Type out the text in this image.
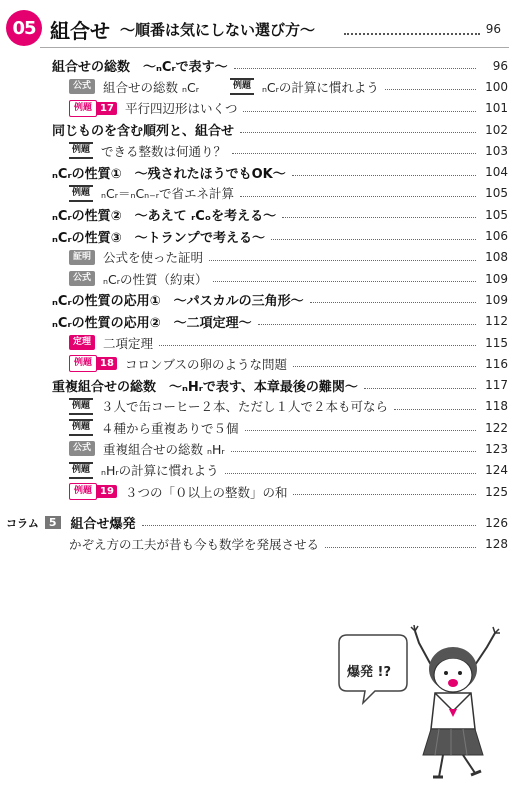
05 組合せ 〜順番は気にしない選び方〜	96
組合せの総数　〜ₙCᵣで表す〜	96
公式 組合せの総数 ₙCᵣ　　	例題 ₙCᵣの計算に慣れよう	100
例題 17 平行四辺形はいくつ	101
同じものを含む順列と、組合せ	102
例題 できる整数は何通り？	103
ₙCᵣの性質①　〜残されたほうでもOK〜	104
例題 ₙCᵣ＝ₙCₙ₋ᵣで省エネ計算	105
ₙCᵣの性質②　〜あえて ᵣCₒを考える〜	105
ₙCᵣの性質③　〜トランプで考える〜	106
証明 公式を使った証明	108
公式 ₙCᵣの性質（約束）	109
ₙCᵣの性質の応用①　〜パスカルの三角形〜	109
ₙCᵣの性質の応用②　〜二項定理〜	112
定理 二項定理	115
例題 18 コロンブスの卵のような問題	116
重複組合せの総数　〜ₙHᵣで表す、本章最後の難関〜	117
例題 ３人で缶コーヒー２本、ただし１人で２本も可なら	118
例題 ４種から重複ありで５個	122
公式 重複組合せの総数 ₙHᵣ	123
例題 ₙHᵣの計算に慣れよう	124
例題 19 ３つの「０以上の整数」の和	125
コラム 5	組合せ爆発	126
かぞえ方の工夫が昔も今も数学を発展させる	128
爆発 !?
